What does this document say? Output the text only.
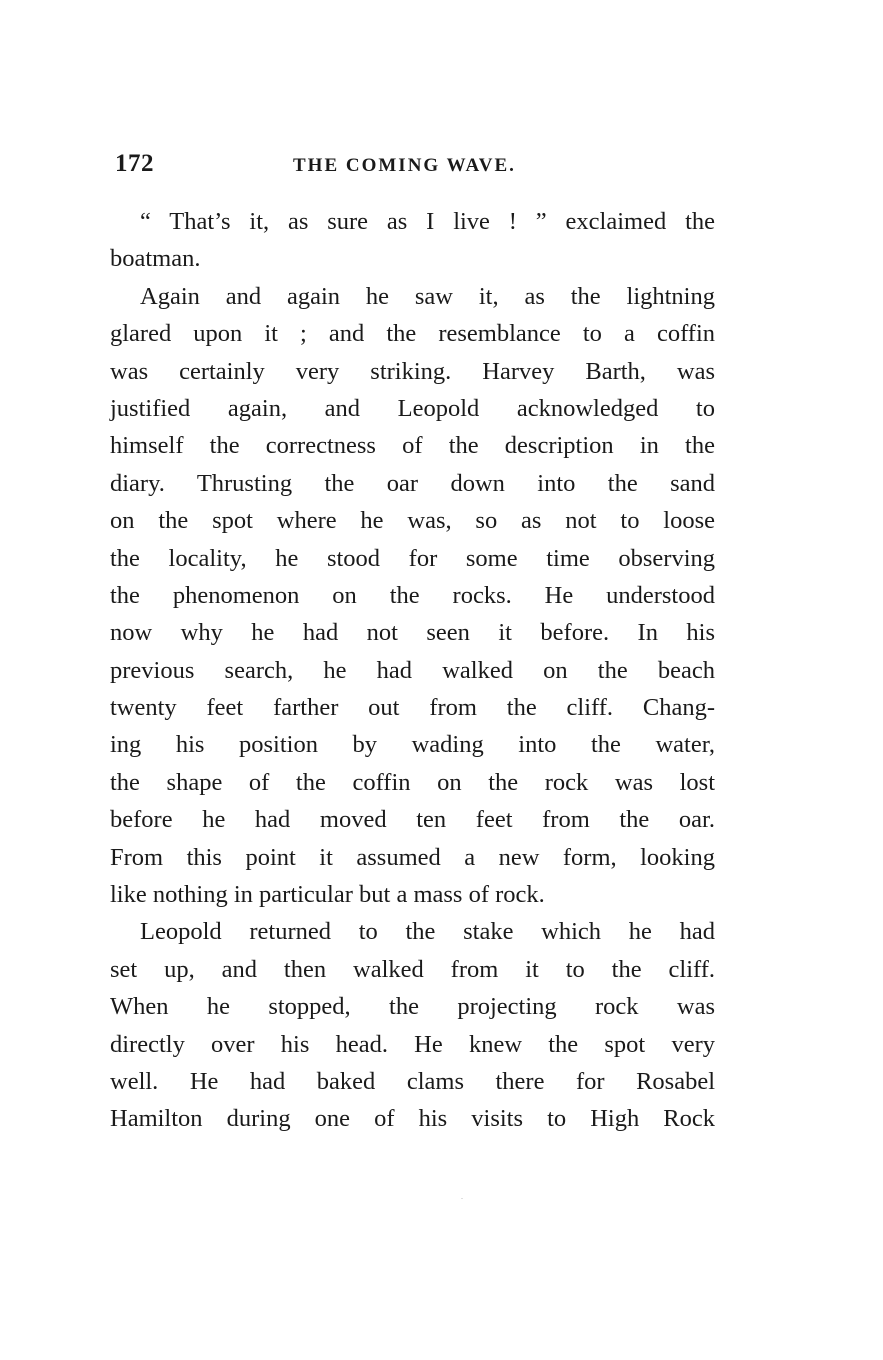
172	THE COMING WAVE.
“ That’s it, as sure as I live ! ” exclaimed the
boatman.
Again and again he saw it, as the lightning
glared upon it ; and the resemblance to a coffin
was certainly very striking. Harvey Barth, was
justified again, and Leopold acknowledged to
himself the correctness of the description in the
diary. Thrusting the oar down into the sand
on the spot where he was, so as not to loose
the locality, he stood for some time observing
the phenomenon on the rocks. He understood
now why he had not seen it before. In his
previous search, he had walked on the beach
twenty feet farther out from the cliff. Chang-
ing his position by wading into the water,
the shape of the coffin on the rock was lost
before he had moved ten feet from the oar.
From this point it assumed a new form, looking
like nothing in particular but a mass of rock.
Leopold returned to the stake which he had
set up, and then walked from it to the cliff.
When he stopped, the projecting rock was
directly over his head. He knew the spot very
well. He had baked clams there for Rosabel
Hamilton during one of his visits to High Rock
